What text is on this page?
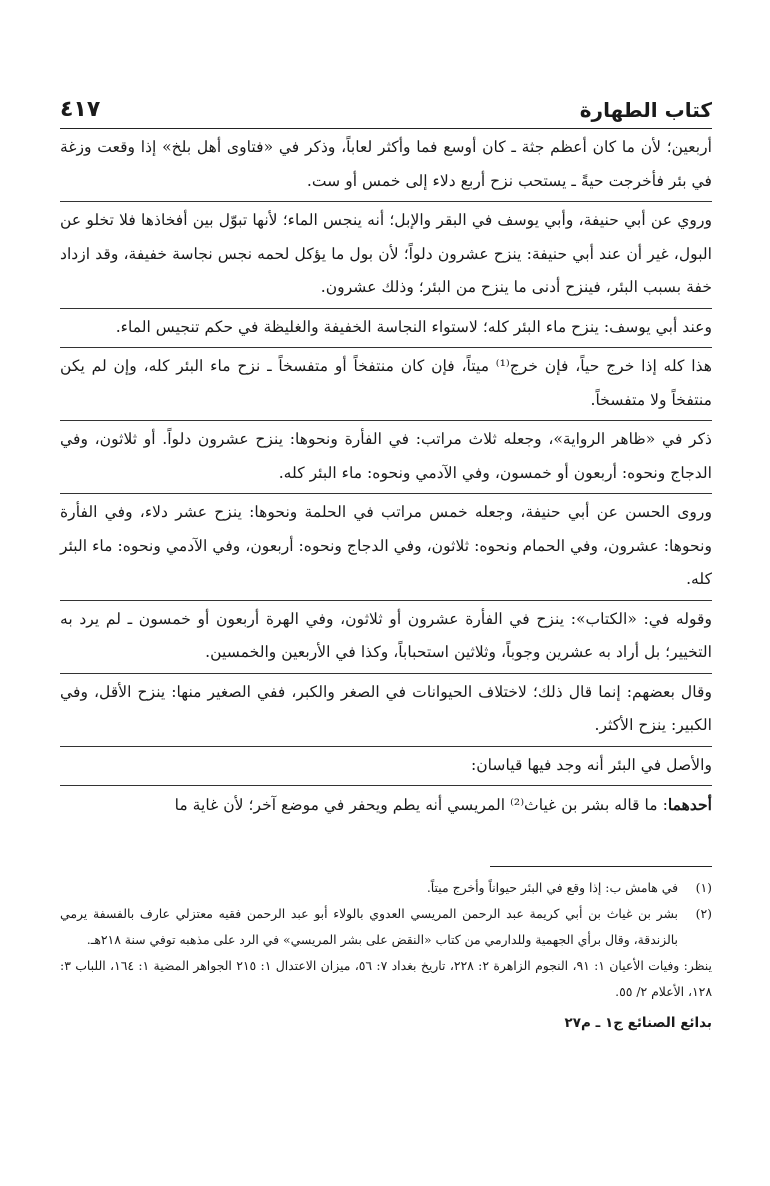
كتاب الطهارة
٤١٧
أربعين؛ لأن ما كان أعظم جثة ـ كان أوسع فما وأكثر لعاباً، وذكر في «فتاوى أهل بلخ» إذا وقعت وزغة في بئر فأخرجت حيةً ـ يستحب نزح أربع دلاء إلى خمس أو ست.
وروي عن أبي حنيفة، وأبي يوسف في البقر والإبل؛ أنه ينجس الماء؛ لأنها تبوّل بين أفخاذها فلا تخلو عن البول، غير أن عند أبي حنيفة: ينزح عشرون دلواً؛ لأن بول ما يؤكل لحمه نجس نجاسة خفيفة، وقد ازداد خفة بسبب البئر، فينزح أدنى ما ينزح من البئر؛ وذلك عشرون.
وعند أبي يوسف: ينزح ماء البئر كله؛ لاستواء النجاسة الخفيفة والغليظة في حكم تنجيس الماء.
هذا كله إذا خرج حياً، فإن خرج⁽¹⁾ ميتاً، فإن كان منتفخاً أو متفسخاً ـ نزح ماء البئر كله، وإن لم يكن منتفخاً ولا متفسخاً.
ذكر في «ظاهر الرواية»، وجعله ثلاث مراتب: في الفأرة ونحوها: ينزح عشرون دلواً. أو ثلاثون، وفي الدجاج ونحوه: أربعون أو خمسون، وفي الآدمي ونحوه: ماء البئر كله.
وروى الحسن عن أبي حنيفة، وجعله خمس مراتب في الحلمة ونحوها: ينزح عشر دلاء، وفي الفأرة ونحوها: عشرون، وفي الحمام ونحوه: ثلاثون، وفي الدجاج ونحوه: أربعون، وفي الآدمي ونحوه: ماء البئر كله.
وقوله في: «الكتاب»: ينزح في الفأرة عشرون أو ثلاثون، وفي الهرة أربعون أو خمسون ـ لم يرد به التخيير؛ بل أراد به عشرين وجوباً، وثلاثين استحباباً، وكذا في الأربعين والخمسين.
وقال بعضهم: إنما قال ذلك؛ لاختلاف الحيوانات في الصغر والكبر، ففي الصغير منها: ينزح الأقل، وفي الكبير: ينزح الأكثر.
والأصل في البئر أنه وجد فيها قياسان:
أحدهما: ما قاله بشر بن غياث⁽²⁾ المريسي أنه يطم ويحفر في موضع آخر؛ لأن غاية ما
(١)
في هامش ب: إذا وقع في البئر حيواناً وأخرج ميتاً.
(٢)
بشر بن غياث بن أبي كريمة عبد الرحمن المريسي العدوي بالولاء أبو عبد الرحمن فقيه معتزلي عارف بالفسفة يرمي بالزندقة، وقال برأي الجهمية وللدارمي من كتاب «النقض على بشر المريسي» في الرد على مذهبه توفي سنة ٢١٨هـ.
ينظر: وفيات الأعيان ١: ٩١، النجوم الزاهرة ٢: ٢٢٨، تاريخ بغداد ٧: ٥٦، ميزان الاعتدال ١: ٢١٥ الجواهر المضية ١: ١٦٤، اللباب ٣: ١٢٨، الأعلام ٢/ ٥٥.
بدائع الصنائع ج١ ـ م٢٧
